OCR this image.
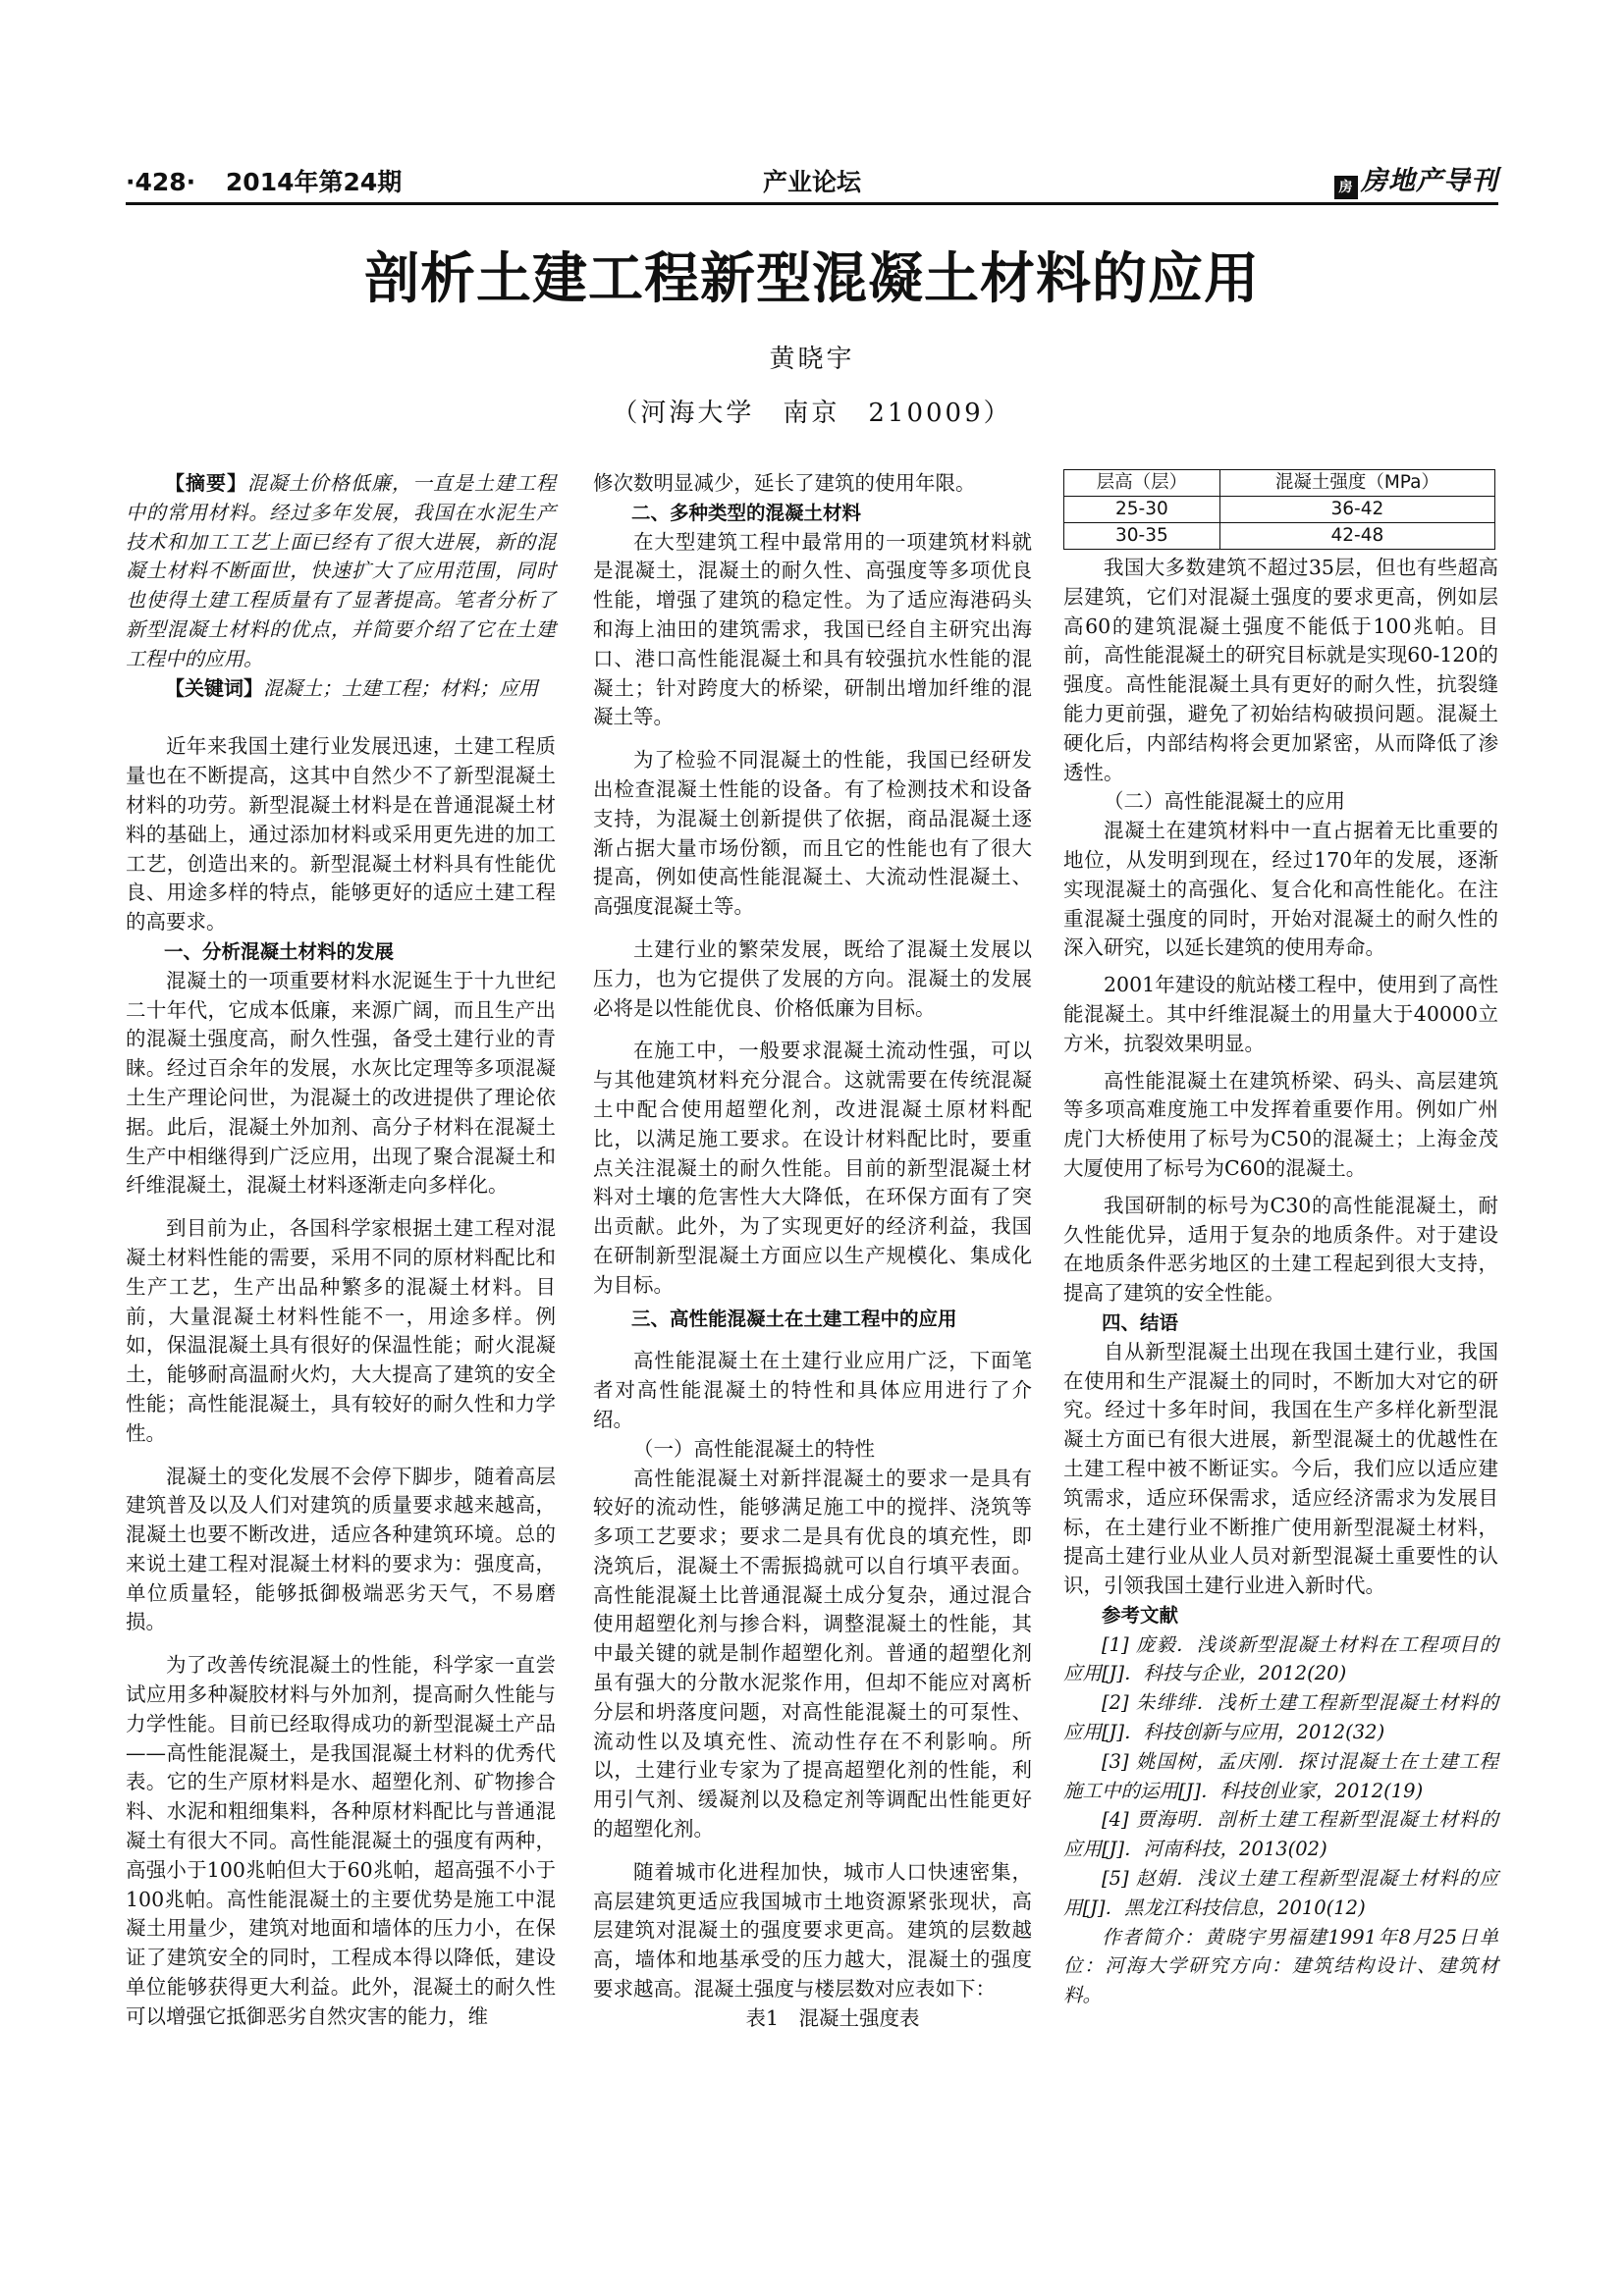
·428· 2014年第24期	产业论坛	房 房地产导刊
剖析土建工程新型混凝土材料的应用
黄晓宇
（河海大学　南京　210009）

【摘要】混凝土价格低廉，一直是土建工程中的常用材料。经过多年发展，我国在水泥生产技术和加工工艺上面已经有了很大进展，新的混凝土材料不断面世，快速扩大了应用范围，同时也使得土建工程质量有了显著提高。笔者分析了新型混凝土材料的优点，并简要介绍了它在土建工程中的应用。

【关键词】混凝土；土建工程；材料；应用

近年来我国土建行业发展迅速，土建工程质量也在不断提高，这其中自然少不了新型混凝土材料的功劳。新型混凝土材料是在普通混凝土材料的基础上，通过添加材料或采用更先进的加工工艺，创造出来的。新型混凝土材料具有性能优良、用途多样的特点，能够更好的适应土建工程的高要求。

一、分析混凝土材料的发展

混凝土的一项重要材料水泥诞生于十九世纪二十年代，它成本低廉，来源广阔，而且生产出的混凝土强度高，耐久性强，备受土建行业的青睐。经过百余年的发展，水灰比定理等多项混凝土生产理论问世，为混凝土的改进提供了理论依据。此后，混凝土外加剂、高分子材料在混凝土生产中相继得到广泛应用，出现了聚合混凝土和纤维混凝土，混凝土材料逐渐走向多样化。

到目前为止，各国科学家根据土建工程对混凝土材料性能的需要，采用不同的原材料配比和生产工艺，生产出品种繁多的混凝土材料。目前，大量混凝土材料性能不一，用途多样。例如，保温混凝土具有很好的保温性能；耐火混凝土，能够耐高温耐火灼，大大提高了建筑的安全性能；高性能混凝土，具有较好的耐久性和力学性。

混凝土的变化发展不会停下脚步，随着高层建筑普及以及人们对建筑的质量要求越来越高，混凝土也要不断改进，适应各种建筑环境。总的来说土建工程对混凝土材料的要求为：强度高，单位质量轻，能够抵御极端恶劣天气，不易磨损。

为了改善传统混凝土的性能，科学家一直尝试应用多种凝胶材料与外加剂，提高耐久性能与力学性能。目前已经取得成功的新型混凝土产品——高性能混凝土，是我国混凝土材料的优秀代表。它的生产原材料是水、超塑化剂、矿物掺合料、水泥和粗细集料，各种原材料配比与普通混凝土有很大不同。高性能混凝土的强度有两种，高强小于100兆帕但大于60兆帕，超高强不小于100兆帕。高性能混凝土的主要优势是施工中混凝土用量少，建筑对地面和墙体的压力小，在保证了建筑安全的同时，工程成本得以降低，建设单位能够获得更大利益。此外，混凝土的耐久性可以增强它抵御恶劣自然灾害的能力，维

修次数明显减少，延长了建筑的使用年限。

二、多种类型的混凝土材料

在大型建筑工程中最常用的一项建筑材料就是混凝土，混凝土的耐久性、高强度等多项优良性能，增强了建筑的稳定性。为了适应海港码头和海上油田的建筑需求，我国已经自主研究出海口、港口高性能混凝土和具有较强抗水性能的混凝土；针对跨度大的桥梁，研制出增加纤维的混凝土等。

为了检验不同混凝土的性能，我国已经研发出检查混凝土性能的设备。有了检测技术和设备支持，为混凝土创新提供了依据，商品混凝土逐渐占据大量市场份额，而且它的性能也有了很大提高，例如使高性能混凝土、大流动性混凝土、高强度混凝土等。

土建行业的繁荣发展，既给了混凝土发展以压力，也为它提供了发展的方向。混凝土的发展必将是以性能优良、价格低廉为目标。

在施工中，一般要求混凝土流动性强，可以与其他建筑材料充分混合。这就需要在传统混凝土中配合使用超塑化剂，改进混凝土原材料配比，以满足施工要求。在设计材料配比时，要重点关注混凝土的耐久性能。目前的新型混凝土材料对土壤的危害性大大降低，在环保方面有了突出贡献。此外，为了实现更好的经济利益，我国在研制新型混凝土方面应以生产规模化、集成化为目标。

三、高性能混凝土在土建工程中的应用

高性能混凝土在土建行业应用广泛，下面笔者对高性能混凝土的特性和具体应用进行了介绍。

（一）高性能混凝土的特性

高性能混凝土对新拌混凝土的要求一是具有较好的流动性，能够满足施工中的搅拌、浇筑等多项工艺要求；要求二是具有优良的填充性，即浇筑后，混凝土不需振捣就可以自行填平表面。高性能混凝土比普通混凝土成分复杂，通过混合使用超塑化剂与掺合料，调整混凝土的性能，其中最关键的就是制作超塑化剂。普通的超塑化剂虽有强大的分散水泥浆作用，但却不能应对离析分层和坍落度问题，对高性能混凝土的可泵性、流动性以及填充性、流动性存在不利影响。所以，土建行业专家为了提高超塑化剂的性能，利用引气剂、缓凝剂以及稳定剂等调配出性能更好的超塑化剂。

随着城市化进程加快，城市人口快速密集，高层建筑更适应我国城市土地资源紧张现状，高层建筑对混凝土的强度要求更高。建筑的层数越高，墙体和地基承受的压力越大，混凝土的强度要求越高。混凝土强度与楼层数对应表如下：

表1　混凝土强度表

层高（层）	混凝土强度（MPa）
25-30	36-42
30-35	42-48

我国大多数建筑不超过35层，但也有些超高层建筑，它们对混凝土强度的要求更高，例如层高60的建筑混凝土强度不能低于100兆帕。目前，高性能混凝土的研究目标就是实现60-120的强度。高性能混凝土具有更好的耐久性，抗裂缝能力更前强，避免了初始结构破损问题。混凝土硬化后，内部结构将会更加紧密，从而降低了渗透性。

（二）高性能混凝土的应用

混凝土在建筑材料中一直占据着无比重要的地位，从发明到现在，经过170年的发展，逐渐实现混凝土的高强化、复合化和高性能化。在注重混凝土强度的同时，开始对混凝土的耐久性的深入研究，以延长建筑的使用寿命。

2001年建设的航站楼工程中，使用到了高性能混凝土。其中纤维混凝土的用量大于40000立方米，抗裂效果明显。

高性能混凝土在建筑桥梁、码头、高层建筑等多项高难度施工中发挥着重要作用。例如广州虎门大桥使用了标号为C50的混凝土；上海金茂大厦使用了标号为C60的混凝土。

我国研制的标号为C30的高性能混凝土，耐久性能优异，适用于复杂的地质条件。对于建设在地质条件恶劣地区的土建工程起到很大支持，提高了建筑的安全性能。

四、结语

自从新型混凝土出现在我国土建行业，我国在使用和生产混凝土的同时，不断加大对它的研究。经过十多年时间，我国在生产多样化新型混凝土方面已有很大进展，新型混凝土的优越性在土建工程中被不断证实。今后，我们应以适应建筑需求，适应环保需求，适应经济需求为发展目标，在土建行业不断推广使用新型混凝土材料，提高土建行业从业人员对新型混凝土重要性的认识，引领我国土建行业进入新时代。

参考文献

[1] 庞毅．浅谈新型混凝土材料在工程项目的应用[J]．科技与企业，2012(20)

[2] 朱绯绯．浅析土建工程新型混凝土材料的应用[J]．科技创新与应用，2012(32)

[3] 姚国树，孟庆刚．探讨混凝土在土建工程施工中的运用[J]．科技创业家，2012(19)

[4] 贾海明．剖析土建工程新型混凝土材料的应用[J]．河南科技，2013(02)

[5] 赵娟．浅议土建工程新型混凝土材料的应用[J]．黑龙江科技信息，2010(12)

作者简介：黄晓宇男福建1991年8月25日单位：河海大学研究方向：建筑结构设计、建筑材料。
